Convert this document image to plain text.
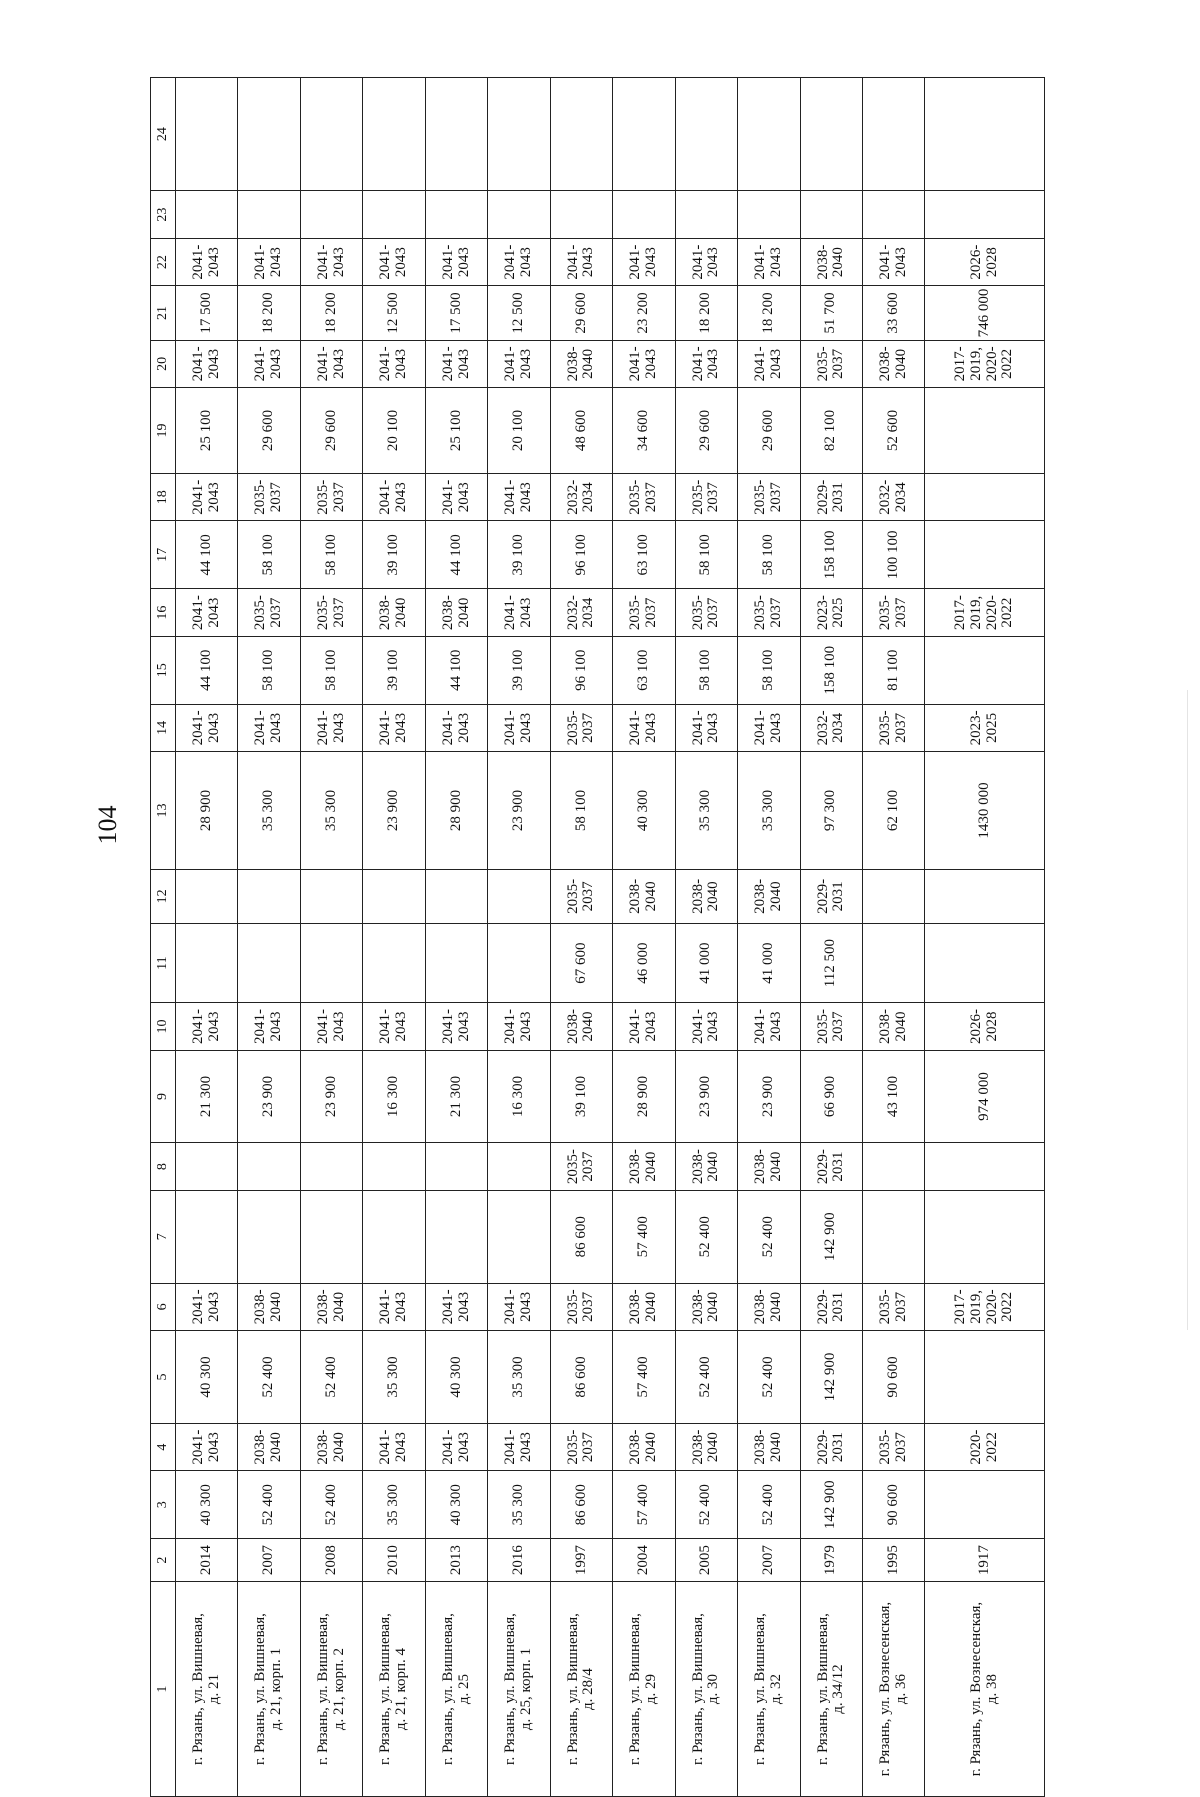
104
1	2	3	4	5	6	7	8	9	10	11	12	13	14	15	16	17	18	19	20	21	22	23	24

г. Рязань, ул. Вишневая, д. 21	2014	40 300	2041- 2043	40 300	2041- 2043			21 300	2041- 2043			28 900	2041- 2043	44 100	2041- 2043	44 100	2041- 2043	25 100	2041- 2043	17 500	2041- 2043		

г. Рязань, ул. Вишневая, д. 21, корп. 1	2007	52 400	2038- 2040	52 400	2038- 2040			23 900	2041- 2043			35 300	2041- 2043	58 100	2035- 2037	58 100	2035- 2037	29 600	2041- 2043	18 200	2041- 2043		

г. Рязань, ул. Вишневая, д. 21, корп. 2	2008	52 400	2038- 2040	52 400	2038- 2040			23 900	2041- 2043			35 300	2041- 2043	58 100	2035- 2037	58 100	2035- 2037	29 600	2041- 2043	18 200	2041- 2043		

г. Рязань, ул. Вишневая, д. 21, корп. 4	2010	35 300	2041- 2043	35 300	2041- 2043			16 300	2041- 2043			23 900	2041- 2043	39 100	2038- 2040	39 100	2041- 2043	20 100	2041- 2043	12 500	2041- 2043		

г. Рязань, ул. Вишневая, д. 25	2013	40 300	2041- 2043	40 300	2041- 2043			21 300	2041- 2043			28 900	2041- 2043	44 100	2038- 2040	44 100	2041- 2043	25 100	2041- 2043	17 500	2041- 2043		

г. Рязань, ул. Вишневая, д. 25, корп. 1	2016	35 300	2041- 2043	35 300	2041- 2043			16 300	2041- 2043			23 900	2041- 2043	39 100	2041- 2043	39 100	2041- 2043	20 100	2041- 2043	12 500	2041- 2043		

г. Рязань, ул. Вишневая, д. 28/4	1997	86 600	2035- 2037	86 600	2035- 2037	86 600	2035- 2037	39 100	2038- 2040	67 600	2035- 2037	58 100	2035- 2037	96 100	2032- 2034	96 100	2032- 2034	48 600	2038- 2040	29 600	2041- 2043		

г. Рязань, ул. Вишневая, д. 29	2004	57 400	2038- 2040	57 400	2038- 2040	57 400	2038- 2040	28 900	2041- 2043	46 000	2038- 2040	40 300	2041- 2043	63 100	2035- 2037	63 100	2035- 2037	34 600	2041- 2043	23 200	2041- 2043		

г. Рязань, ул. Вишневая, д. 30	2005	52 400	2038- 2040	52 400	2038- 2040	52 400	2038- 2040	23 900	2041- 2043	41 000	2038- 2040	35 300	2041- 2043	58 100	2035- 2037	58 100	2035- 2037	29 600	2041- 2043	18 200	2041- 2043		

г. Рязань, ул. Вишневая, д. 32	2007	52 400	2038- 2040	52 400	2038- 2040	52 400	2038- 2040	23 900	2041- 2043	41 000	2038- 2040	35 300	2041- 2043	58 100	2035- 2037	58 100	2035- 2037	29 600	2041- 2043	18 200	2041- 2043		

г. Рязань, ул. Вишневая, д. 34/12	1979	142 900	2029- 2031	142 900	2029- 2031	142 900	2029- 2031	66 900	2035- 2037	112 500	2029- 2031	97 300	2032- 2034	158 100	2023- 2025	158 100	2029- 2031	82 100	2035- 2037	51 700	2038- 2040		

г. Рязань, ул. Вознесенская, д. 36	1995	90 600	2035- 2037	90 600	2035- 2037			43 100	2038- 2040			62 100	2035- 2037	81 100	2035- 2037	100 100	2032- 2034	52 600	2038- 2040	33 600	2041- 2043		

г. Рязань, ул. Вознесенская, д. 38	1917		2020- 2022		2017- 2019, 2020- 2022			974 000	2026- 2028			1430 000	2023- 2025		2017- 2019, 2020- 2022				2017- 2019, 2020- 2022	746 000	2026- 2028		
